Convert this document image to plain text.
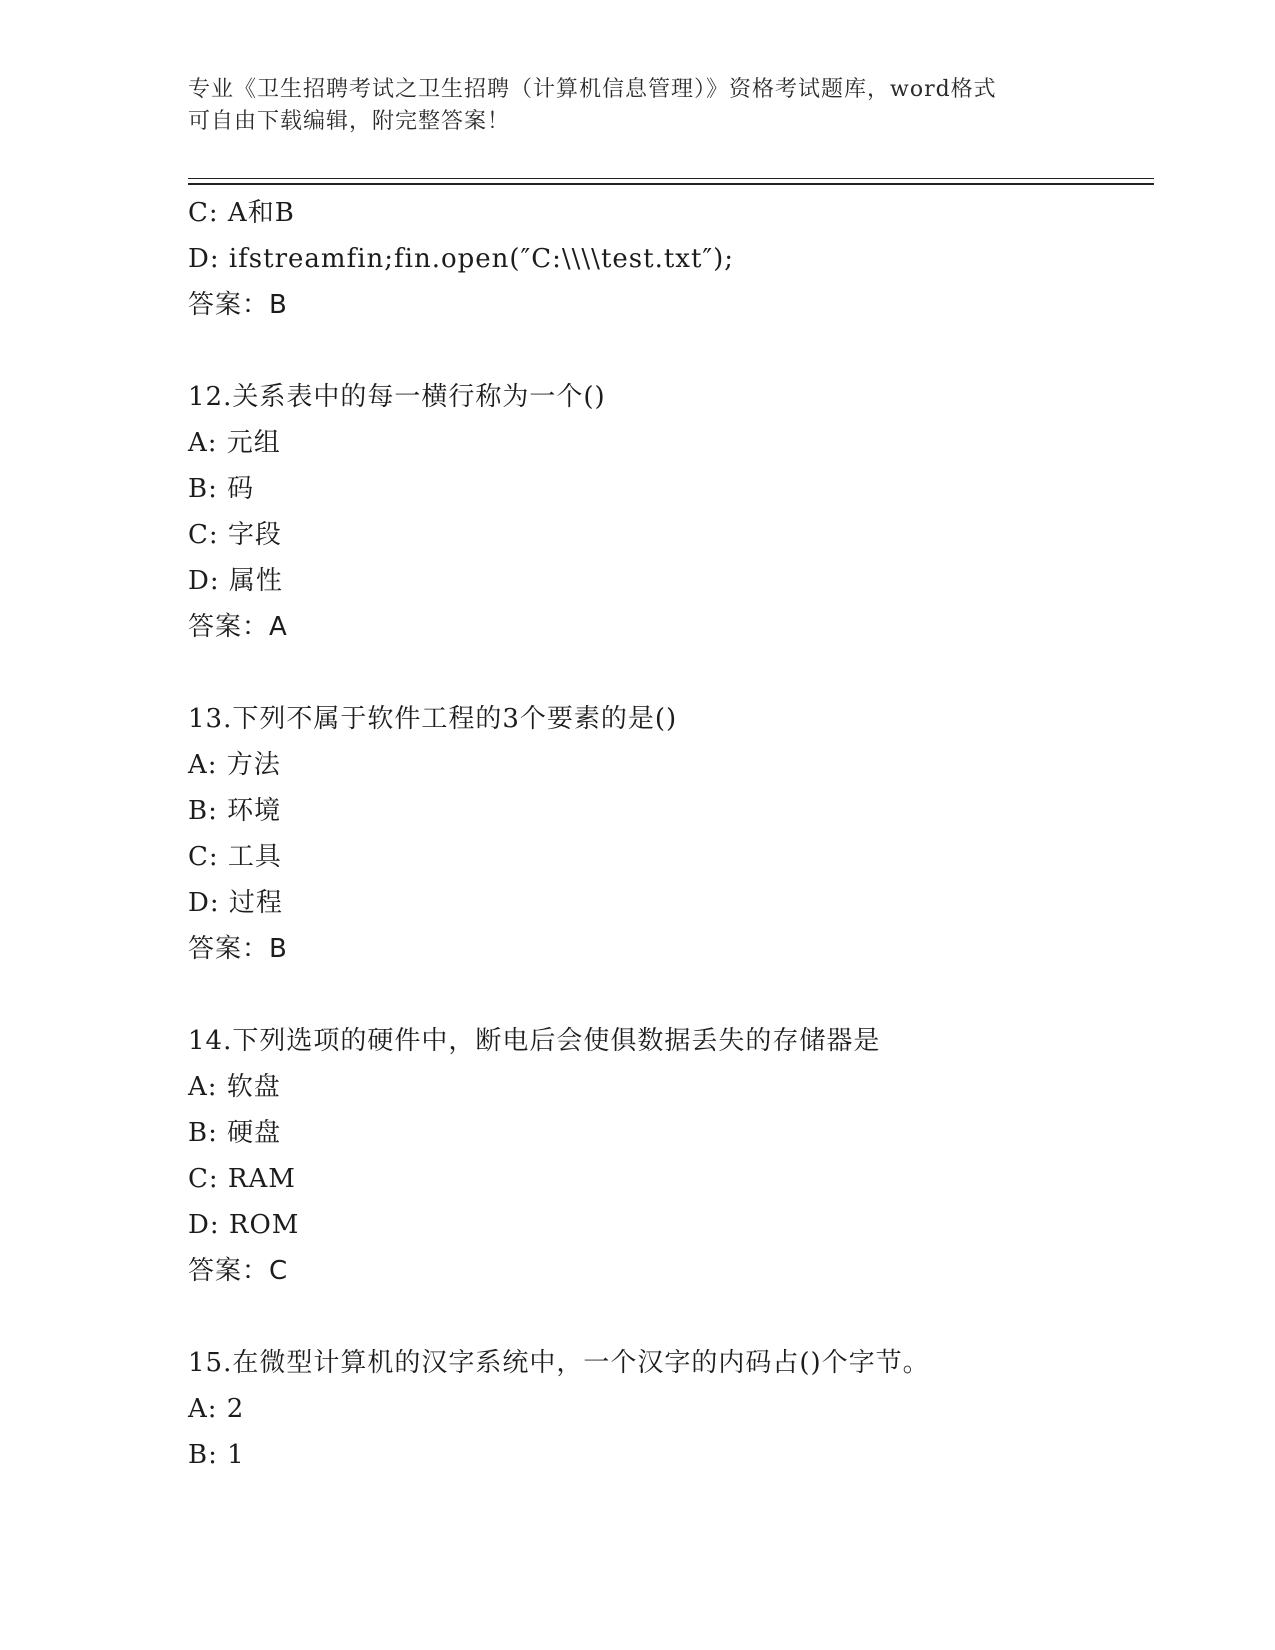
专业《卫生招聘考试之卫生招聘（计算机信息管理）》资格考试题库，word格式
可自由下载编辑，附完整答案！
C: A和B
D: ifstreamfin;fin.open(″C:\\\\test.txt″);
答案：B
12.关系表中的每一横行称为一个()
A: 元组
B: 码
C: 字段
D: 属性
答案：A
13.下列不属于软件工程的3个要素的是()
A: 方法
B: 环境
C: 工具
D: 过程
答案：B
14.下列选项的硬件中，断电后会使俱数据丢失的存储器是
A: 软盘
B: 硬盘
C: RAM
D: ROM
答案：C
15.在微型计算机的汉字系统中，一个汉字的内码占()个字节。
A: 2
B: 1
